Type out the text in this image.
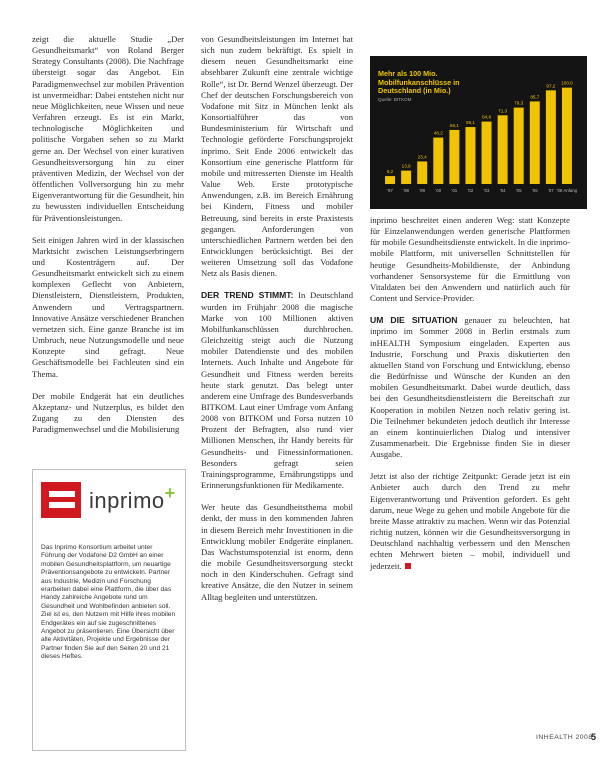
zeigt die aktuelle Studie „Der Gesundheitsmarkt“ von Roland Berger Strategy Consultants (2008). Die Nachfrage übersteigt sogar das Angebot. Ein Paradigmenwechsel zur mobilen Prävention ist unvermeidbar: Dabei entstehen nicht nur neue Möglichkeiten, neue Wissen und neue Verfahren erzeugt. Es ist ein Markt, technologische Möglichkeiten und politische Vorgaben sehen so zu Markt gerne an. Der Wechsel von einer kurativen Gesundheitsversorgung hin zu einer präventiven Medizin, der Wechsel von der öffentlichen Vollversorgung hin zu mehr Eigenverantwortung für die Gesundheit, hin zu bewussten individuellen Entscheidung für Präventionsleistungen.

Seit einigen Jahren wird in der klassischen Marktsicht zwischen Leistungserbringern und Kostenträgern auf. Der Gesundheitsmarkt entwickelt sich zu einem komplexen Geflecht von Anbietern, Dienstleistern, Dienstleistern, Produkten, Anwendern und Vertragspartnern. Innovative Ansätze verschiedener Branchen vernetzen sich. Eine ganze Branche ist im Umbruch, neue Nutzungsmodelle und neue Konzepte sind gefragt. Neue Geschäftsmodelle bei Fachleuten sind ein Thema.

Der mobile Endgerät hat ein deutliches Akzeptanz- und Nutzerplus, es bildet den Zugang zu den Diensten des Paradigmenwechsel und die Mobilisierung

inprimo+
Das Inprimo Konsortium arbeitet unter Führung der Vodafone D2 GmbH an einer mobilen Gesundheitsplattform, um neuartige Präventionsangebote zu entwickeln. Partner aus Industrie, Medizin und Forschung erarbeiten dabei eine Plattform, die über das Handy zahlreiche Angebote rund um Gesundheit und Wohlbefinden anbieten soll. Ziel ist es, den Nutzern mit Hilfe ihres mobilen Endgerätes ein auf sie zugeschnittenes Angebot zu präsentieren. Eine Übersicht über alle Aktivitäten, Projekte und Ergebnisse der Partner finden Sie auf den Seiten 20 und 21 dieses Heftes.

von Gesundheitsleistungen im Internet hat sich nun zudem bekräftigt. Es spielt in diesem neuen Gesundheitsmarkt eine absehbarer Zukunft eine zentrale wichtige Rolle“, ist Dr. Bernd Wenzel überzeugt. Der Chef der deutschen Forschungsbereich von Vodafone mit Sitz in München lenkt als Konsortialführer das von Bundesministerium für Wirtschaft und Technologie geförderte Forschungsprojekt inprimo. Seit Ende 2006 entwickelt das Konsortium eine generische Plattform für mobile und mitresserten Dienste im Health Value Web. Erste prototypische Anwendungen, z.B. im Bereich Ernährung bei Kindern, Fitness und mobiler Betreuung, sind bereits in erste Praxistests gegangen. Anforderungen von unterschiedlichen Partnern werden bei den Entwicklungen berücksichtigt. Bei der weiteren Umsetzung soll das Vodafone Netz als Basis dienen.

DER TREND STIMMT: In Deutschland wurden im Frühjahr 2008 die magische Marke von 100 Millionen aktiven Mobilfunkanschlüssen durchbrochen. Gleichzeitig steigt auch die Nutzung mobiler Datendienste und des mobilen Internets. Auch Inhalte und Angebote für Gesundheit und Fitness werden bereits heute stark genutzt. Das belegt unter anderem eine Umfrage des Bundesverbands BITKOM. Laut einer Umfrage vom Anfang 2008 von BITKOM und Forsa nutzen 10 Prozent der Befragten, also rund vier Millionen Menschen, ihr Handy bereits für Gesundheits- und Fitnessinformationen. Besonders gefragt seien Trainingsprogramme, Ernährungstipps und Erinnerungsfunktionen für Medikamente.

Wer heute das Gesundheitsthema mobil denkt, der muss in den kommenden Jahren in diesem Bereich mehr Investitionen in die Entwicklung mobiler Endgeräte einplanen. Das Wachstumspotenzial ist enorm, denn die mobile Gesundheitsversorgung steckt noch in den Kinderschuhen. Gefragt sind kreative Ansätze, die den Nutzer in seinem Alltag begleiten und unterstützen.

8,2
'97
13,9
'98
23,4
'99
48,2
'00
56,1
'01
59,1
'02
64,8
'03
71,3
'04
79,3
'05
85,7
'06
97,2
'07
100,0
'08 Anfang
Mehr als 100 Mio. Mobilfunkanschlüsse in Deutschland (in Mio.)
Quelle: BITKOM

inprimo beschreitet einen anderen Weg: statt Konzepte für Einzelanwendungen werden generische Plattformen für mobile Gesundheitsdienste entwickelt. In die inprimo-mobile Plattform, mit universellen Schnittstellen für heutige Gesundheits-Mobildienste, der Anbindung vorhandener Sensorsysteme für die Ermittlung von Vitaldaten bei den Anwendern und natürlich auch für Content und Service-Provider.

UM DIE SITUATION genauer zu beleuchten, hat inprimo im Sommer 2008 in Berlin erstmals zum inHEALTH Symposium eingeladen. Experten aus Industrie, Forschung und Praxis diskutierten den aktuellen Stand von Forschung und Entwicklung, ebenso die Bedürfnisse und Wünsche der Kunden an den mobilen Gesundheitsmarkt. Dabei wurde deutlich, dass bei den Gesundheitsdienstleistern die Bereitschaft zur Kooperation in mobilen Netzen noch relativ gering ist. Die Teilnehmer bekundeten jedoch deutlich ihr Interesse an einem kontinuierlichen Dialog und intensiver Zusammenarbeit. Die Ergebnisse finden Sie in dieser Ausgabe.

Jetzt ist also der richtige Zeitpunkt: Gerade jetzt ist ein Anbieter auch durch den Trend zu mehr Eigenverantwortung und Prävention gefordert. Es geht darum, neue Wege zu gehen und mobile Angebote für die breite Masse attraktiv zu machen. Wenn wir das Potenzial richtig nutzen, können wir die Gesundheitsversorgung in Deutschland nachhaltig verbessern und den Menschen echten Mehrwert bieten – mobil, individuell und jederzeit.

INHEALTH 2008
5
